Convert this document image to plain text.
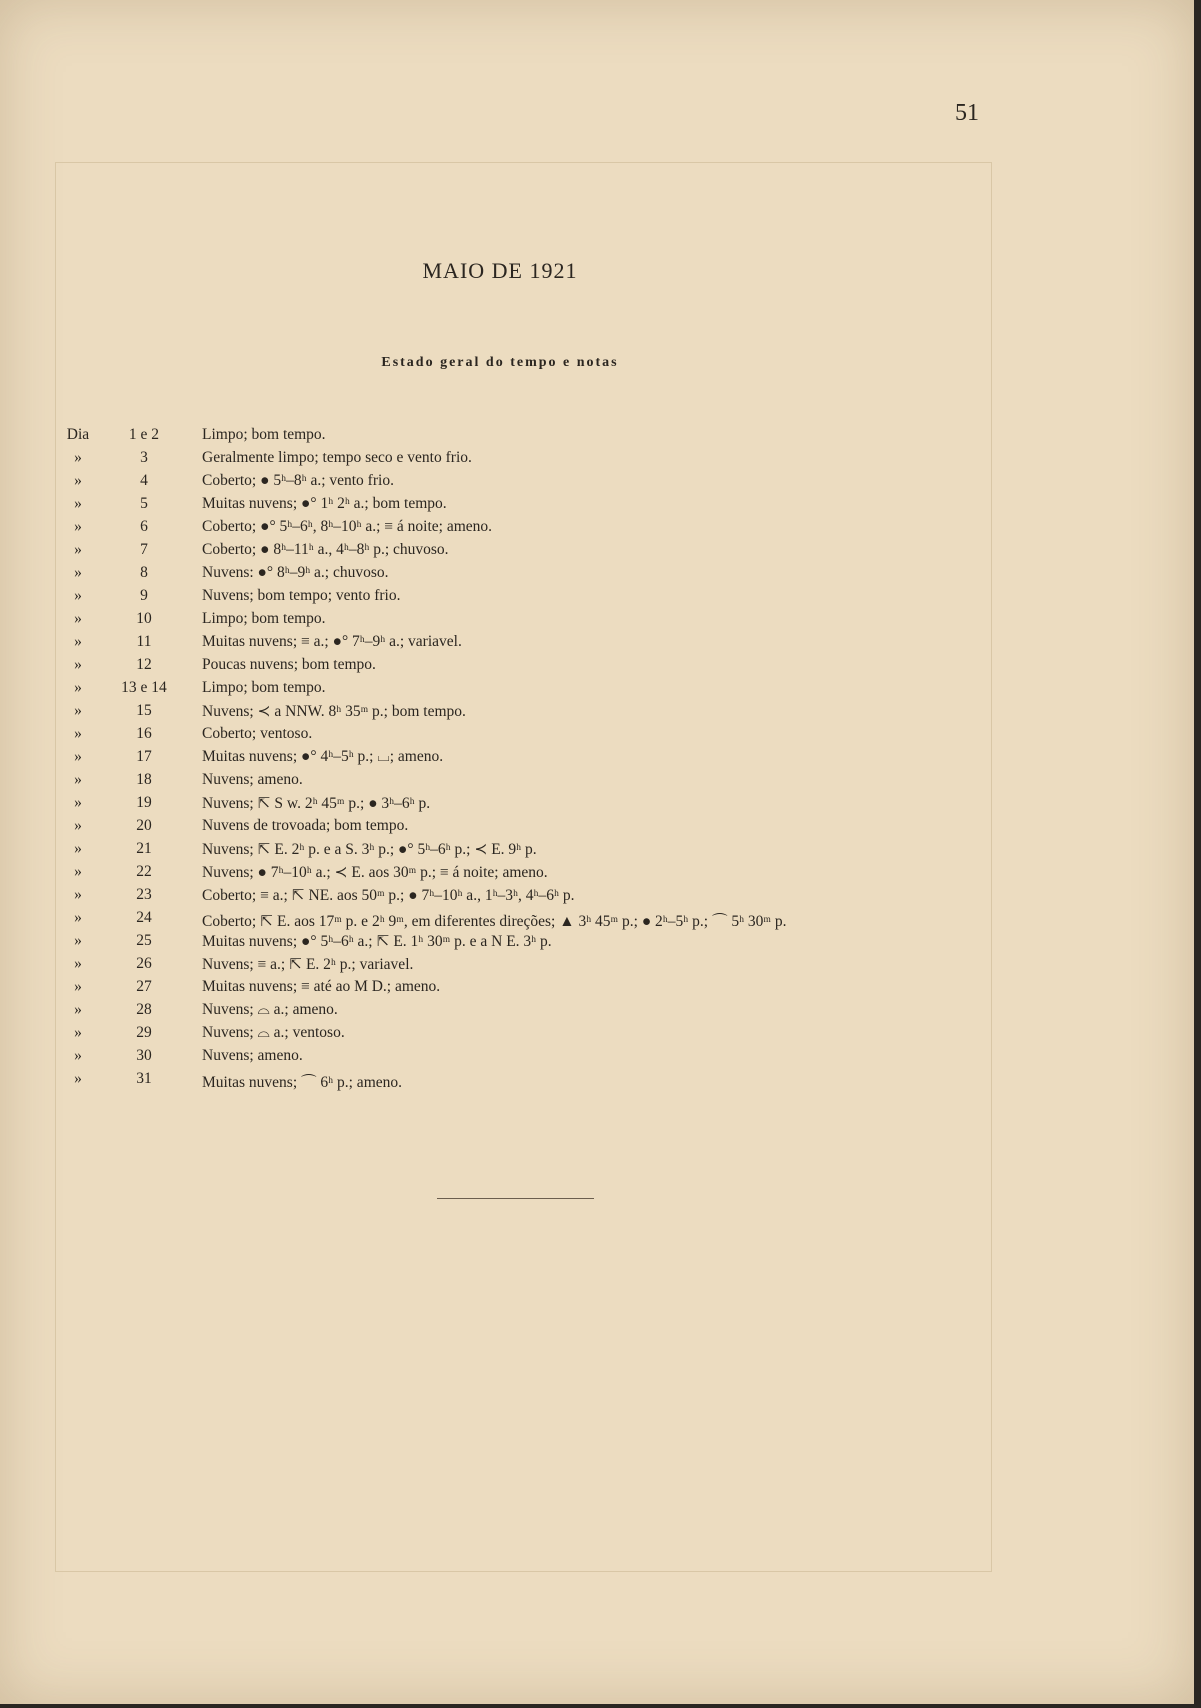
51
MAIO DE 1921
Estado geral do tempo e notas
Dia	1 e 2	Limpo; bom tempo.
»	3	Geralmente limpo; tempo seco e vento frio.
»	4	Coberto; ● 5ʰ–8ʰ a.; vento frio.
»	5	Muitas nuvens; ●° 1ʰ 2ʰ a.; bom tempo.
»	6	Coberto; ●° 5ʰ–6ʰ, 8ʰ–10ʰ a.; ≡ á noite; ameno.
»	7	Coberto; ● 8ʰ–11ʰ a., 4ʰ–8ʰ p.; chuvoso.
»	8	Nuvens: ●° 8ʰ–9ʰ a.; chuvoso.
»	9	Nuvens; bom tempo; vento frio.
»	10	Limpo; bom tempo.
»	11	Muitas nuvens; ≡ a.; ●° 7ʰ–9ʰ a.; variavel.
»	12	Poucas nuvens; bom tempo.
»	13 e 14	Limpo; bom tempo.
»	15	Nuvens; ≺ a NNW. 8ʰ 35ᵐ p.; bom tempo.
»	16	Coberto; ventoso.
»	17	Muitas nuvens; ●° 4ʰ–5ʰ p.; ⌴; ameno.
»	18	Nuvens; ameno.
»	19	Nuvens; ⇱ S w. 2ʰ 45ᵐ p.; ● 3ʰ–6ʰ p.
»	20	Nuvens de trovoada; bom tempo.
»	21	Nuvens; ⇱ E. 2ʰ p. e a S. 3ʰ p.; ●° 5ʰ–6ʰ p.; ≺ E. 9ʰ p.
»	22	Nuvens; ● 7ʰ–10ʰ a.; ≺ E. aos 30ᵐ p.; ≡ á noite; ameno.
»	23	Coberto; ≡ a.; ⇱ NE. aos 50ᵐ p.; ● 7ʰ–10ʰ a., 1ʰ–3ʰ, 4ʰ–6ʰ p.
»	24	Coberto; ⇱ E. aos 17ᵐ p. e 2ʰ 9ᵐ, em diferentes direções; ▲ 3ʰ 45ᵐ p.; ● 2ʰ–5ʰ p.; ⌒ 5ʰ 30ᵐ p.
»	25	Muitas nuvens; ●° 5ʰ–6ʰ a.; ⇱ E. 1ʰ 30ᵐ p. e a N E. 3ʰ p.
»	26	Nuvens; ≡ a.; ⇱ E. 2ʰ p.; variavel.
»	27	Muitas nuvens; ≡ até ao M D.; ameno.
»	28	Nuvens; ⌓ a.; ameno.
»	29	Nuvens; ⌓ a.; ventoso.
»	30	Nuvens; ameno.
»	31	Muitas nuvens; ⌒ 6ʰ p.; ameno.
